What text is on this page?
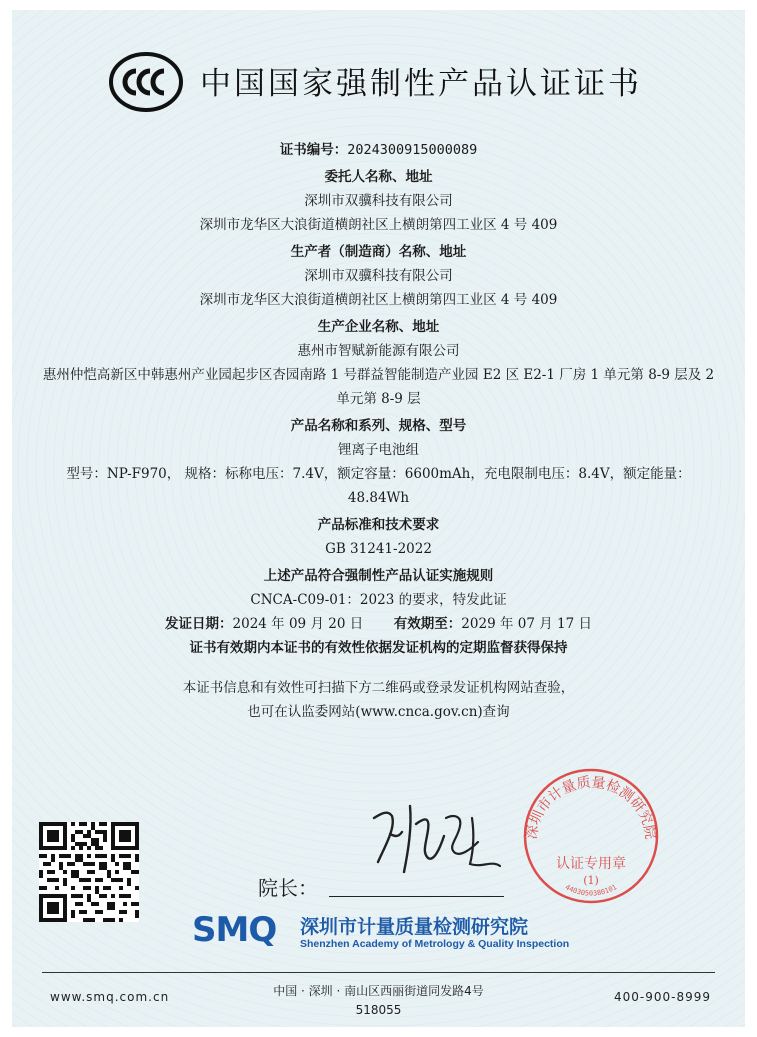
中国国家强制性产品认证证书
证书编号：2024300915000089
委托人名称、地址
深圳市双骥科技有限公司
深圳市龙华区大浪街道横朗社区上横朗第四工业区 4 号 409
生产者（制造商）名称、地址
深圳市双骥科技有限公司
深圳市龙华区大浪街道横朗社区上横朗第四工业区 4 号 409
生产企业名称、地址
惠州市智赋新能源有限公司
惠州仲恺高新区中韩惠州产业园起步区杏园南路 1 号群益智能制造产业园 E2 区 E2-1 厂房 1 单元第 8-9 层及 2 单元第 8-9 层
产品名称和系列、规格、型号
锂离子电池组
型号：NP-F970， 规格：标称电压：7.4V，额定容量：6600mAh，充电限制电压：8.4V，额定能量：48.84Wh
产品标准和技术要求
GB 31241-2022
上述产品符合强制性产品认证实施规则
CNCA-C09-01：2023 的要求，特发此证
发证日期：2024 年 09 月 20 日 有效期至：2029 年 07 月 17 日
证书有效期内本证书的有效性依据发证机构的定期监督获得保持
本证书信息和有效性可扫描下方二维码或登录发证机构网站查验，
也可在认监委网站(www.cnca.gov.cn)查询
深圳市计量质量检测研究院
认证专用章
(1)
4403050380101
院长：
SMQ 深圳市计量质量检测研究院
Shenzhen Academy of Metrology & Quality Inspection
www.smq.com.cn	中国 · 深圳 · 南山区西丽街道同发路4号
518055
400-900-8999
